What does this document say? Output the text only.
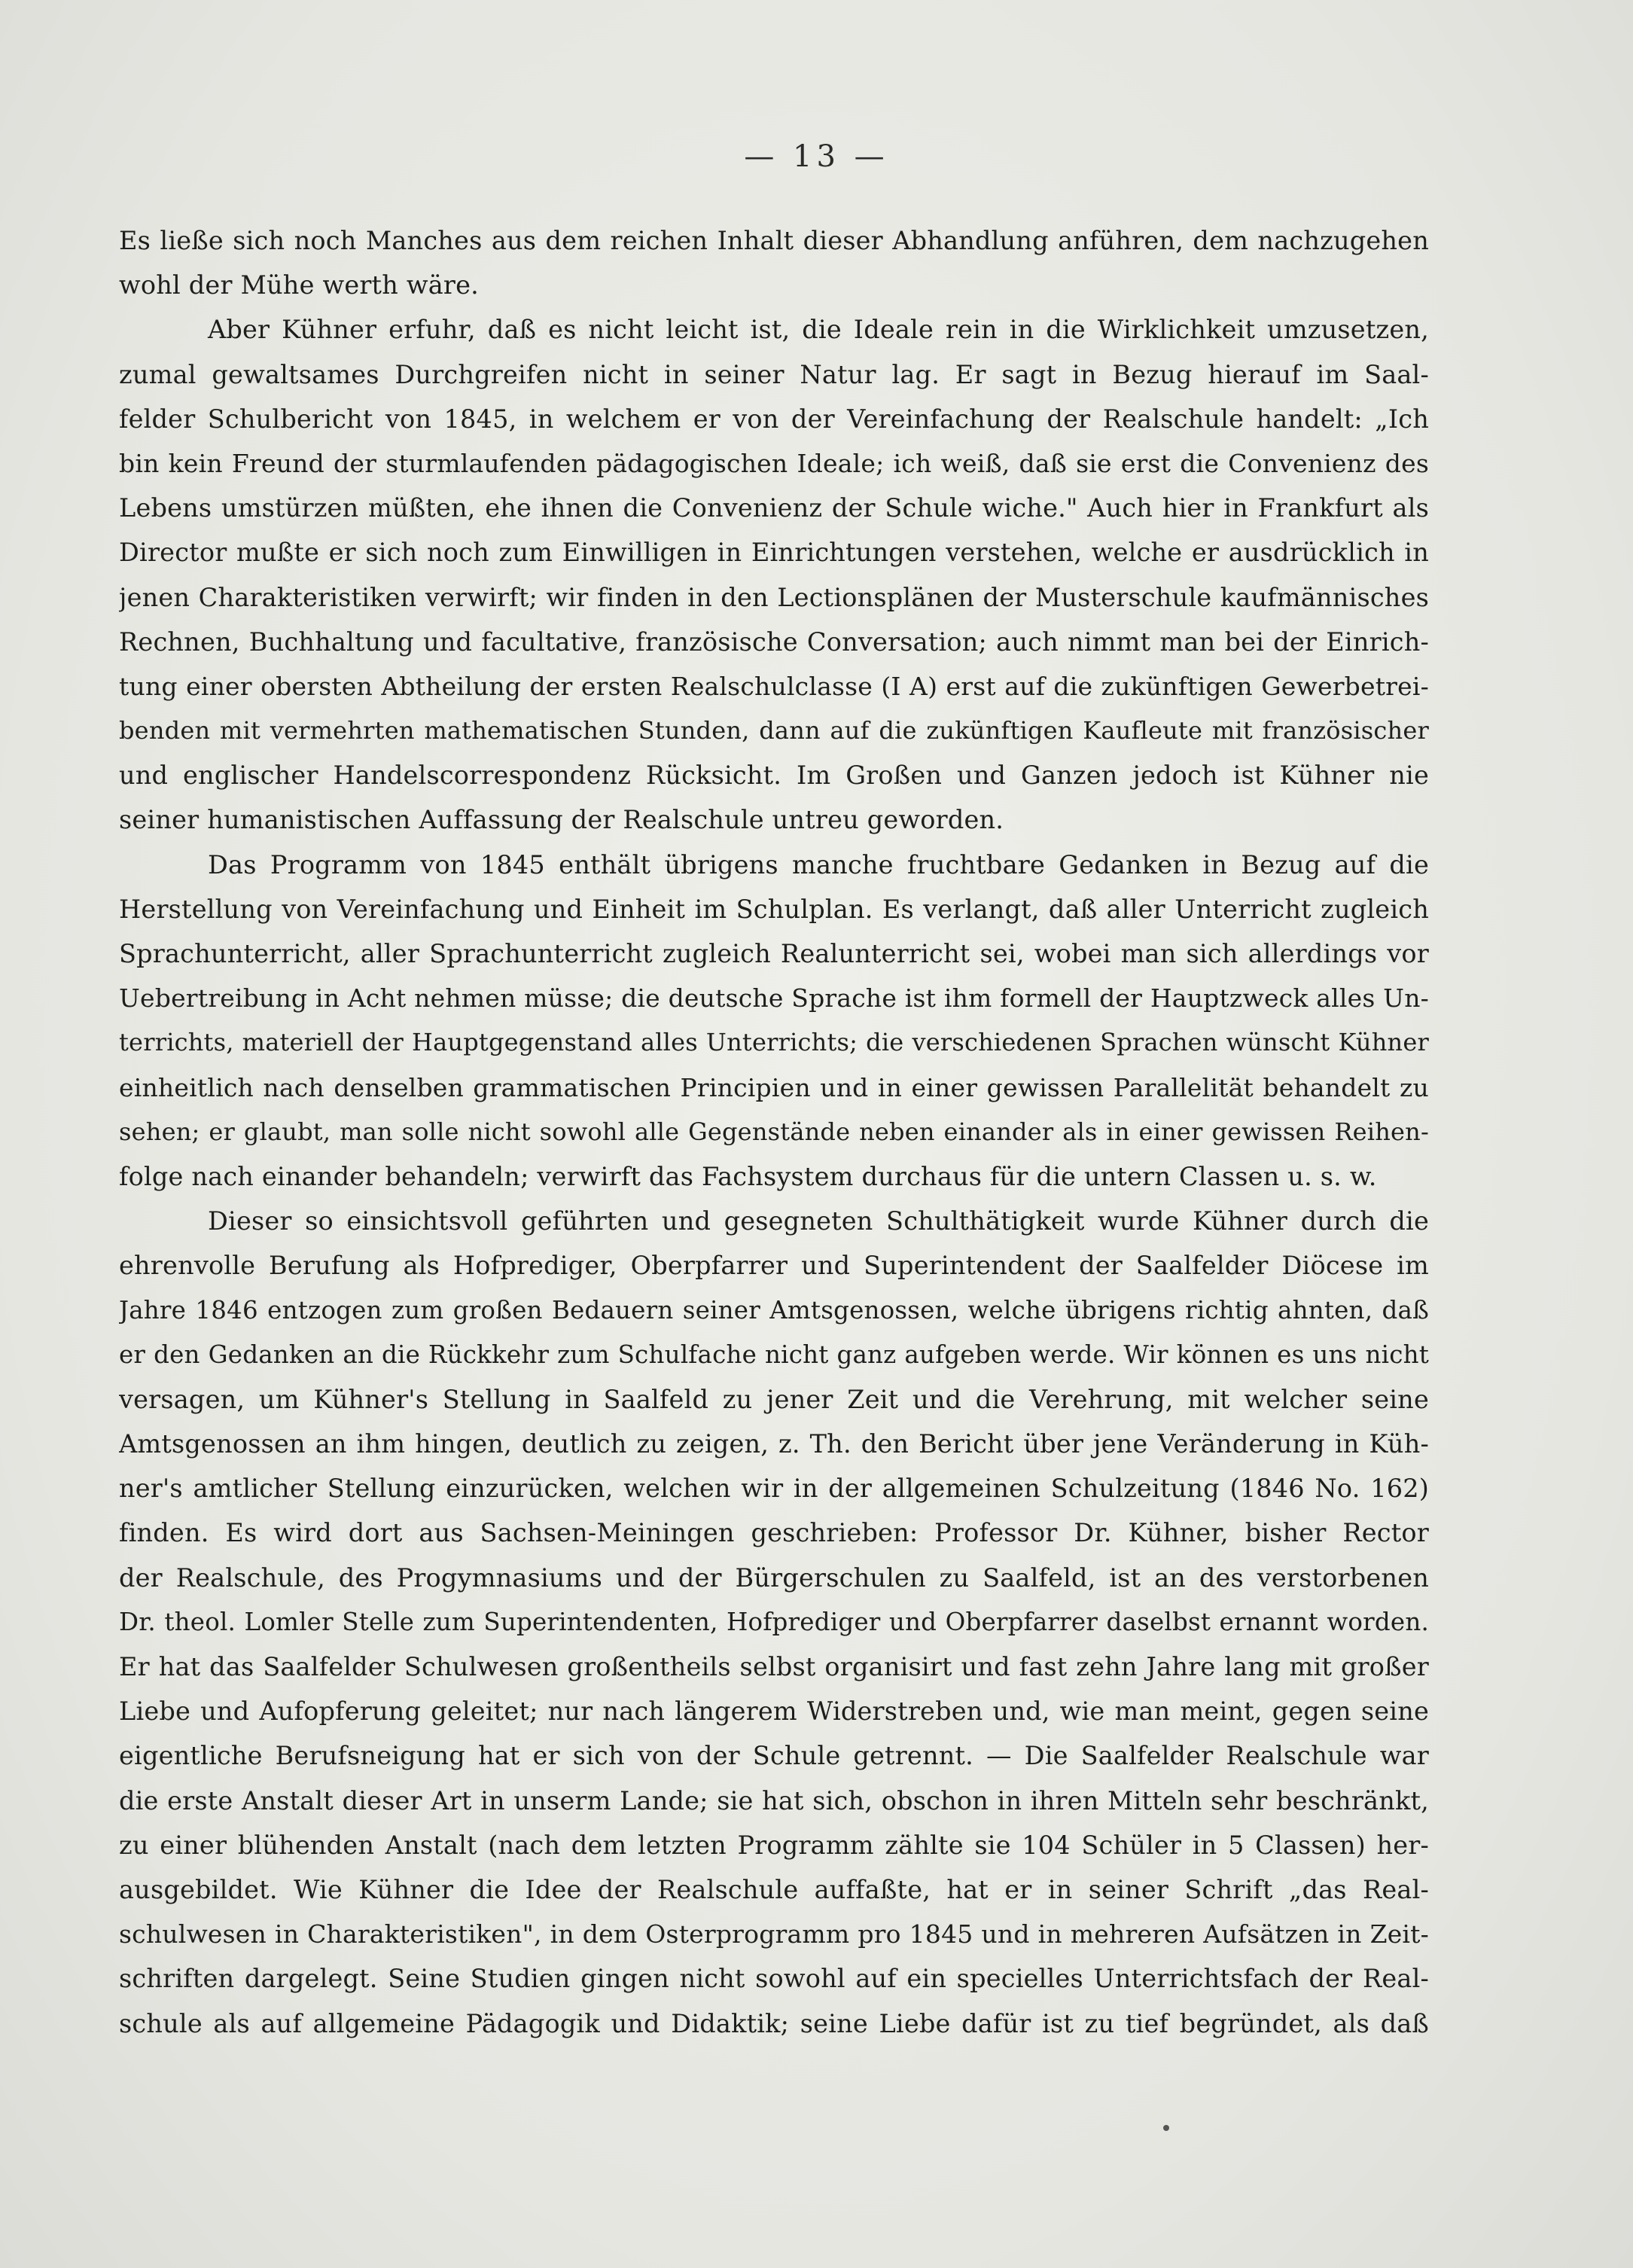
— 13 —
Es ließe sich noch Manches aus dem reichen Inhalt dieser Abhandlung anführen, dem nachzugehen
wohl der Mühe werth wäre.
Aber Kühner erfuhr, daß es nicht leicht ist, die Ideale rein in die Wirklichkeit umzusetzen,
zumal gewaltsames Durchgreifen nicht in seiner Natur lag. Er sagt in Bezug hierauf im Saal-
felder Schulbericht von 1845, in welchem er von der Vereinfachung der Realschule handelt: „Ich
bin kein Freund der sturmlaufenden pädagogischen Ideale; ich weiß, daß sie erst die Convenienz des
Lebens umstürzen müßten, ehe ihnen die Convenienz der Schule wiche." Auch hier in Frankfurt als
Director mußte er sich noch zum Einwilligen in Einrichtungen verstehen, welche er ausdrücklich in
jenen Charakteristiken verwirft; wir finden in den Lectionsplänen der Musterschule kaufmännisches
Rechnen, Buchhaltung und facultative, französische Conversation; auch nimmt man bei der Einrich-
tung einer obersten Abtheilung der ersten Realschulclasse (I A) erst auf die zukünftigen Gewerbetrei-
benden mit vermehrten mathematischen Stunden, dann auf die zukünftigen Kaufleute mit französischer
und englischer Handelscorrespondenz Rücksicht. Im Großen und Ganzen jedoch ist Kühner nie
seiner humanistischen Auffassung der Realschule untreu geworden.
Das Programm von 1845 enthält übrigens manche fruchtbare Gedanken in Bezug auf die
Herstellung von Vereinfachung und Einheit im Schulplan. Es verlangt, daß aller Unterricht zugleich
Sprachunterricht, aller Sprachunterricht zugleich Realunterricht sei, wobei man sich allerdings vor
Uebertreibung in Acht nehmen müsse; die deutsche Sprache ist ihm formell der Hauptzweck alles Un-
terrichts, materiell der Hauptgegenstand alles Unterrichts; die verschiedenen Sprachen wünscht Kühner
einheitlich nach denselben grammatischen Principien und in einer gewissen Parallelität behandelt zu
sehen; er glaubt, man solle nicht sowohl alle Gegenstände neben einander als in einer gewissen Reihen-
folge nach einander behandeln; verwirft das Fachsystem durchaus für die untern Classen u. s. w.
Dieser so einsichtsvoll geführten und gesegneten Schulthätigkeit wurde Kühner durch die
ehrenvolle Berufung als Hofprediger, Oberpfarrer und Superintendent der Saalfelder Diöcese im
Jahre 1846 entzogen zum großen Bedauern seiner Amtsgenossen, welche übrigens richtig ahnten, daß
er den Gedanken an die Rückkehr zum Schulfache nicht ganz aufgeben werde. Wir können es uns nicht
versagen, um Kühner's Stellung in Saalfeld zu jener Zeit und die Verehrung, mit welcher seine
Amtsgenossen an ihm hingen, deutlich zu zeigen, z. Th. den Bericht über jene Veränderung in Küh-
ner's amtlicher Stellung einzurücken, welchen wir in der allgemeinen Schulzeitung (1846 No. 162)
finden. Es wird dort aus Sachsen-Meiningen geschrieben: Professor Dr. Kühner, bisher Rector
der Realschule, des Progymnasiums und der Bürgerschulen zu Saalfeld, ist an des verstorbenen
Dr. theol. Lomler Stelle zum Superintendenten, Hofprediger und Oberpfarrer daselbst ernannt worden.
Er hat das Saalfelder Schulwesen großentheils selbst organisirt und fast zehn Jahre lang mit großer
Liebe und Aufopferung geleitet; nur nach längerem Widerstreben und, wie man meint, gegen seine
eigentliche Berufsneigung hat er sich von der Schule getrennt. — Die Saalfelder Realschule war
die erste Anstalt dieser Art in unserm Lande; sie hat sich, obschon in ihren Mitteln sehr beschränkt,
zu einer blühenden Anstalt (nach dem letzten Programm zählte sie 104 Schüler in 5 Classen) her-
ausgebildet. Wie Kühner die Idee der Realschule auffaßte, hat er in seiner Schrift „das Real-
schulwesen in Charakteristiken", in dem Osterprogramm pro 1845 und in mehreren Aufsätzen in Zeit-
schriften dargelegt. Seine Studien gingen nicht sowohl auf ein specielles Unterrichtsfach der Real-
schule als auf allgemeine Pädagogik und Didaktik; seine Liebe dafür ist zu tief begründet, als daß
